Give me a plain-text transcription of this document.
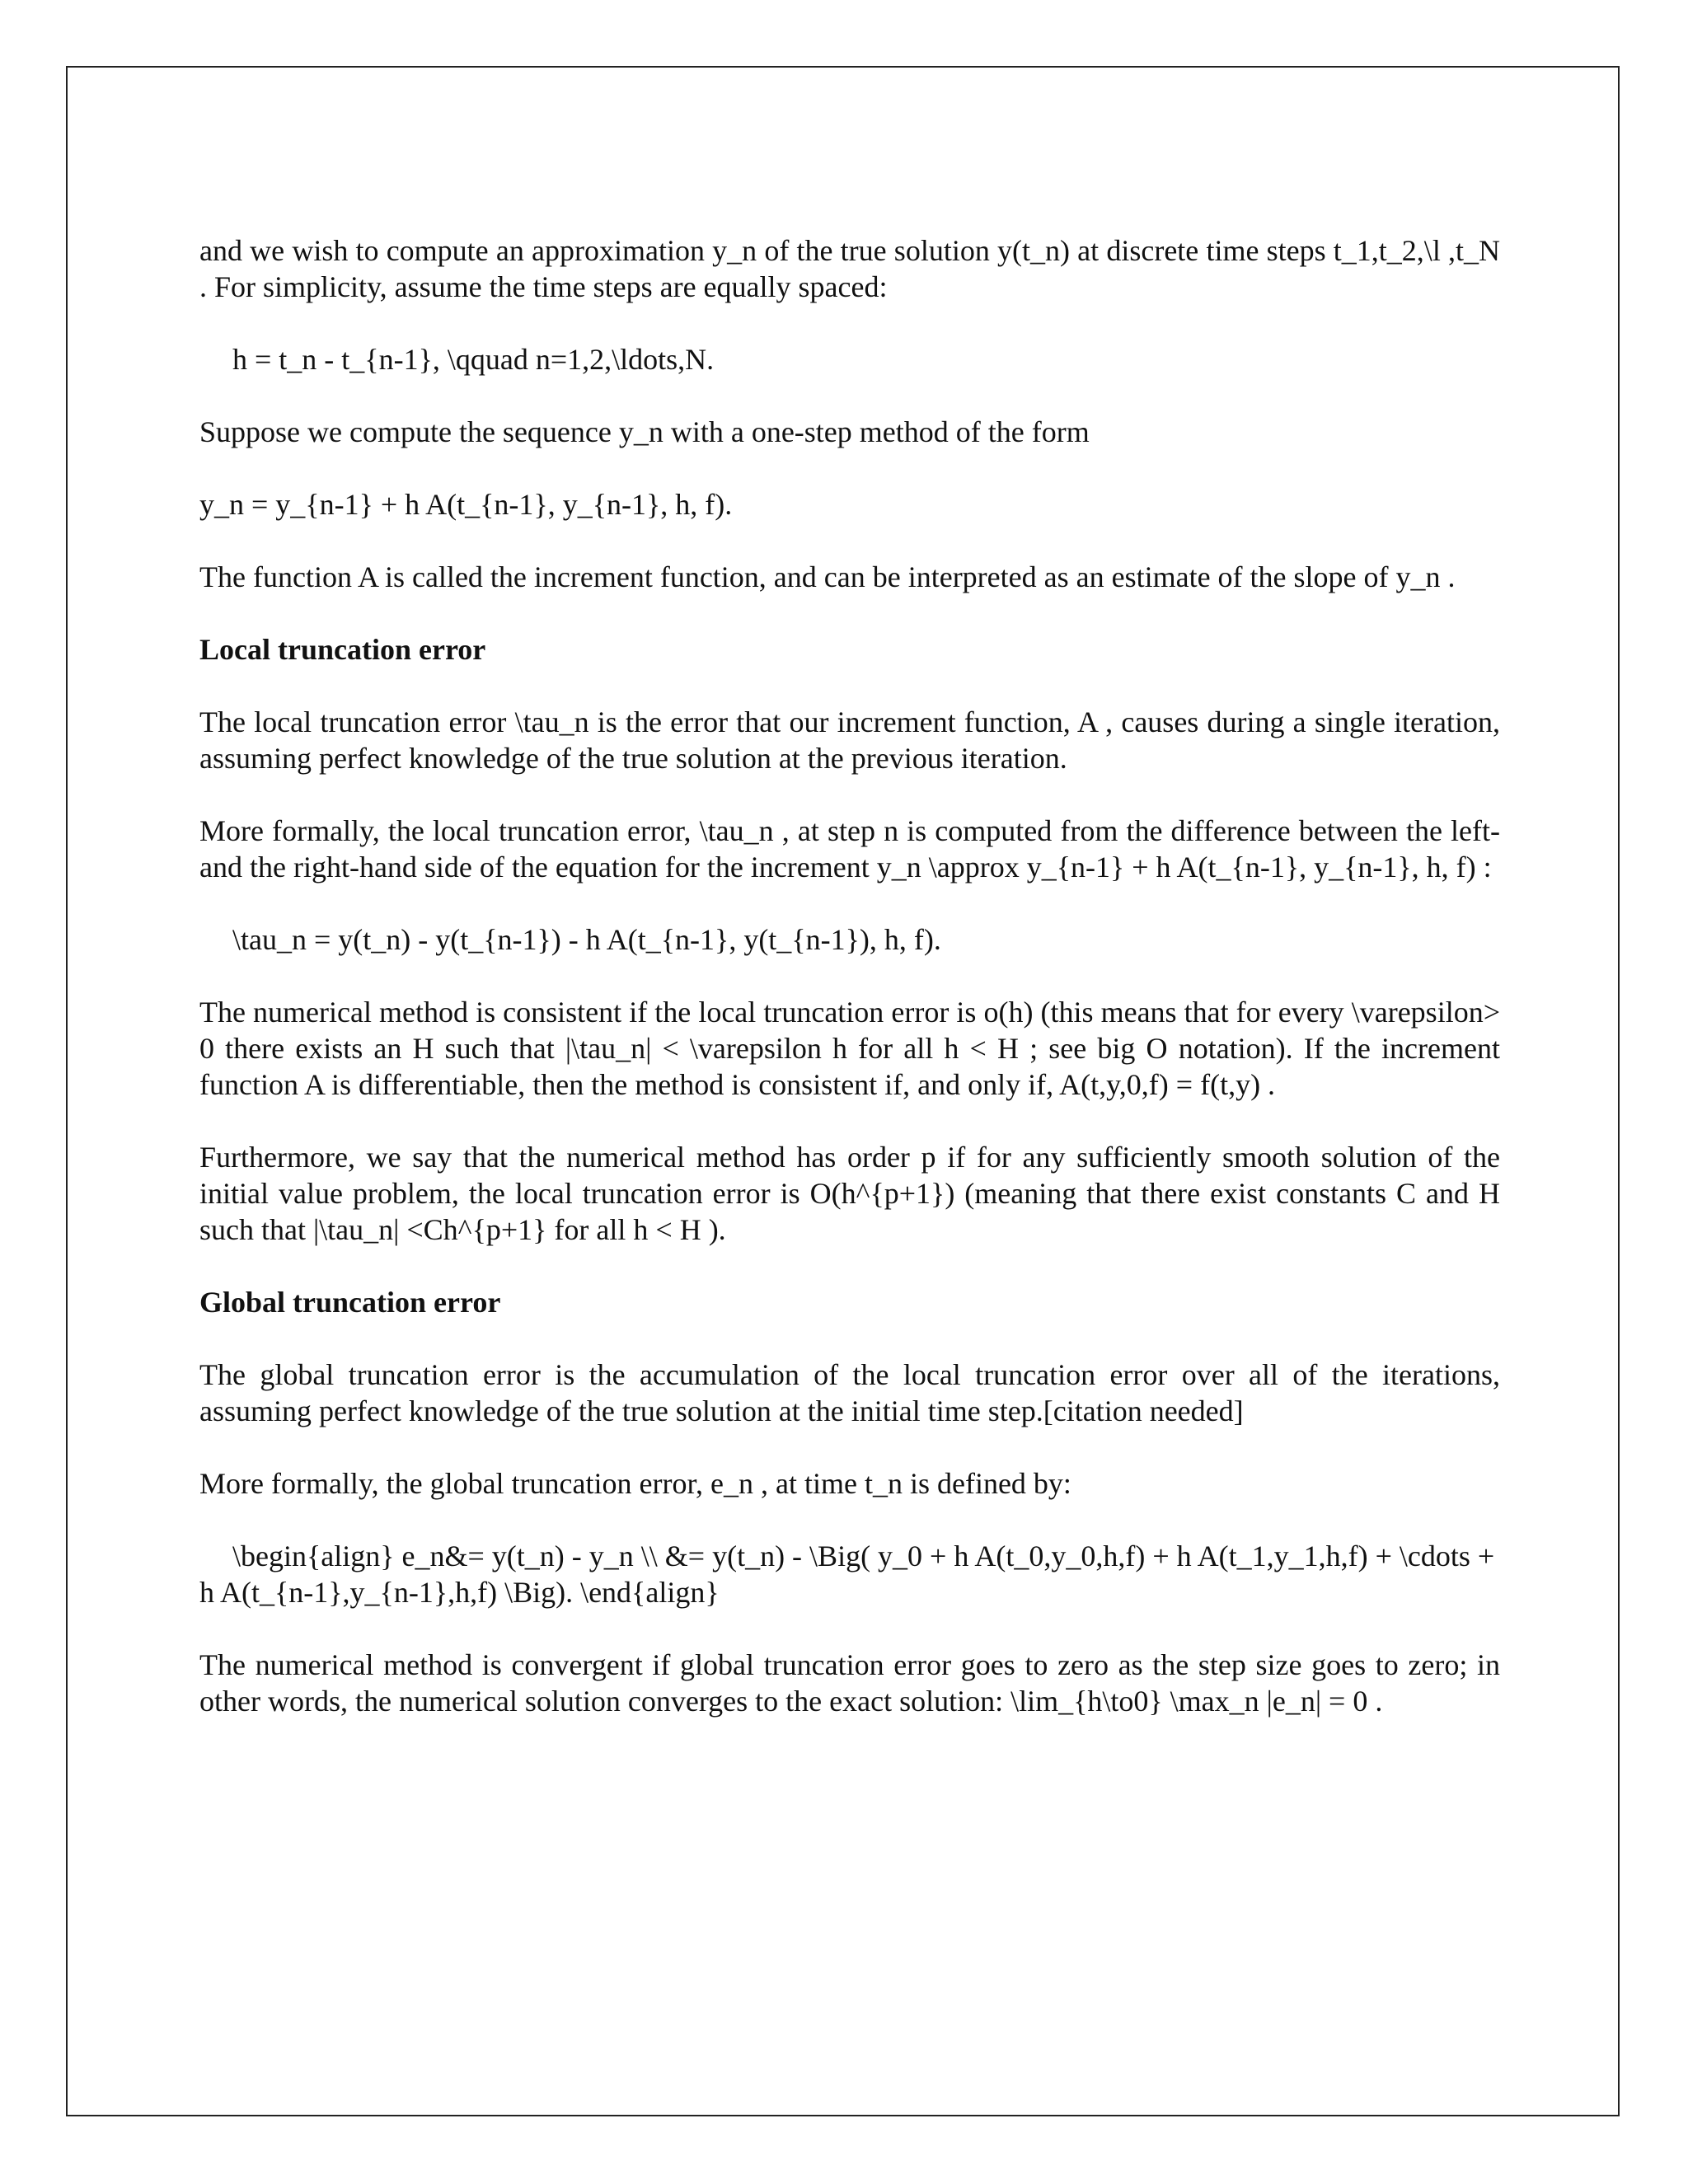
and we wish to compute an approximation y_n of the true solution y(t_n) at discrete time steps t_1,t_2,\l ,t_N . For simplicity, assume the time steps are equally spaced:

h = t_n - t_{n-1}, \qquad n=1,2,\ldots,N.

Suppose we compute the sequence y_n with a one-step method of the form

y_n = y_{n-1} + h A(t_{n-1}, y_{n-1}, h, f).

The function A is called the increment function, and can be interpreted as an estimate of the slope of y_n .

Local truncation error

The local truncation error \tau_n is the error that our increment function, A , causes during a single iteration, assuming perfect knowledge of the true solution at the previous iteration.

More formally, the local truncation error, \tau_n , at step n is computed from the difference between the left- and the right-hand side of the equation for the increment y_n \approx y_{n-1} + h A(t_{n-1}, y_{n-1}, h, f) :

\tau_n = y(t_n) - y(t_{n-1}) - h A(t_{n-1}, y(t_{n-1}), h, f).

The numerical method is consistent if the local truncation error is o(h) (this means that for every \varepsilon> 0 there exists an H such that |\tau_n| < \varepsilon h for all h < H ; see big O notation). If the increment function A is differentiable, then the method is consistent if, and only if, A(t,y,0,f) = f(t,y) .

Furthermore, we say that the numerical method has order p if for any sufficiently smooth solution of the initial value problem, the local truncation error is O(h^{p+1}) (meaning that there exist constants C and H such that |\tau_n| <Ch^{p+1} for all h < H ).

Global truncation error

The global truncation error is the accumulation of the local truncation error over all of the iterations, assuming perfect knowledge of the true solution at the initial time step.[citation needed]

More formally, the global truncation error, e_n , at time t_n is defined by:

\begin{align} e_n&= y(t_n) - y_n \\ &= y(t_n) - \Big( y_0 + h A(t_0,y_0,h,f) + h A(t_1,y_1,h,f) + \cdots + h A(t_{n-1},y_{n-1},h,f) \Big). \end{align}

The numerical method is convergent if global truncation error goes to zero as the step size goes to zero; in other words, the numerical solution converges to the exact solution: \lim_{h\to0} \max_n |e_n| = 0 .
